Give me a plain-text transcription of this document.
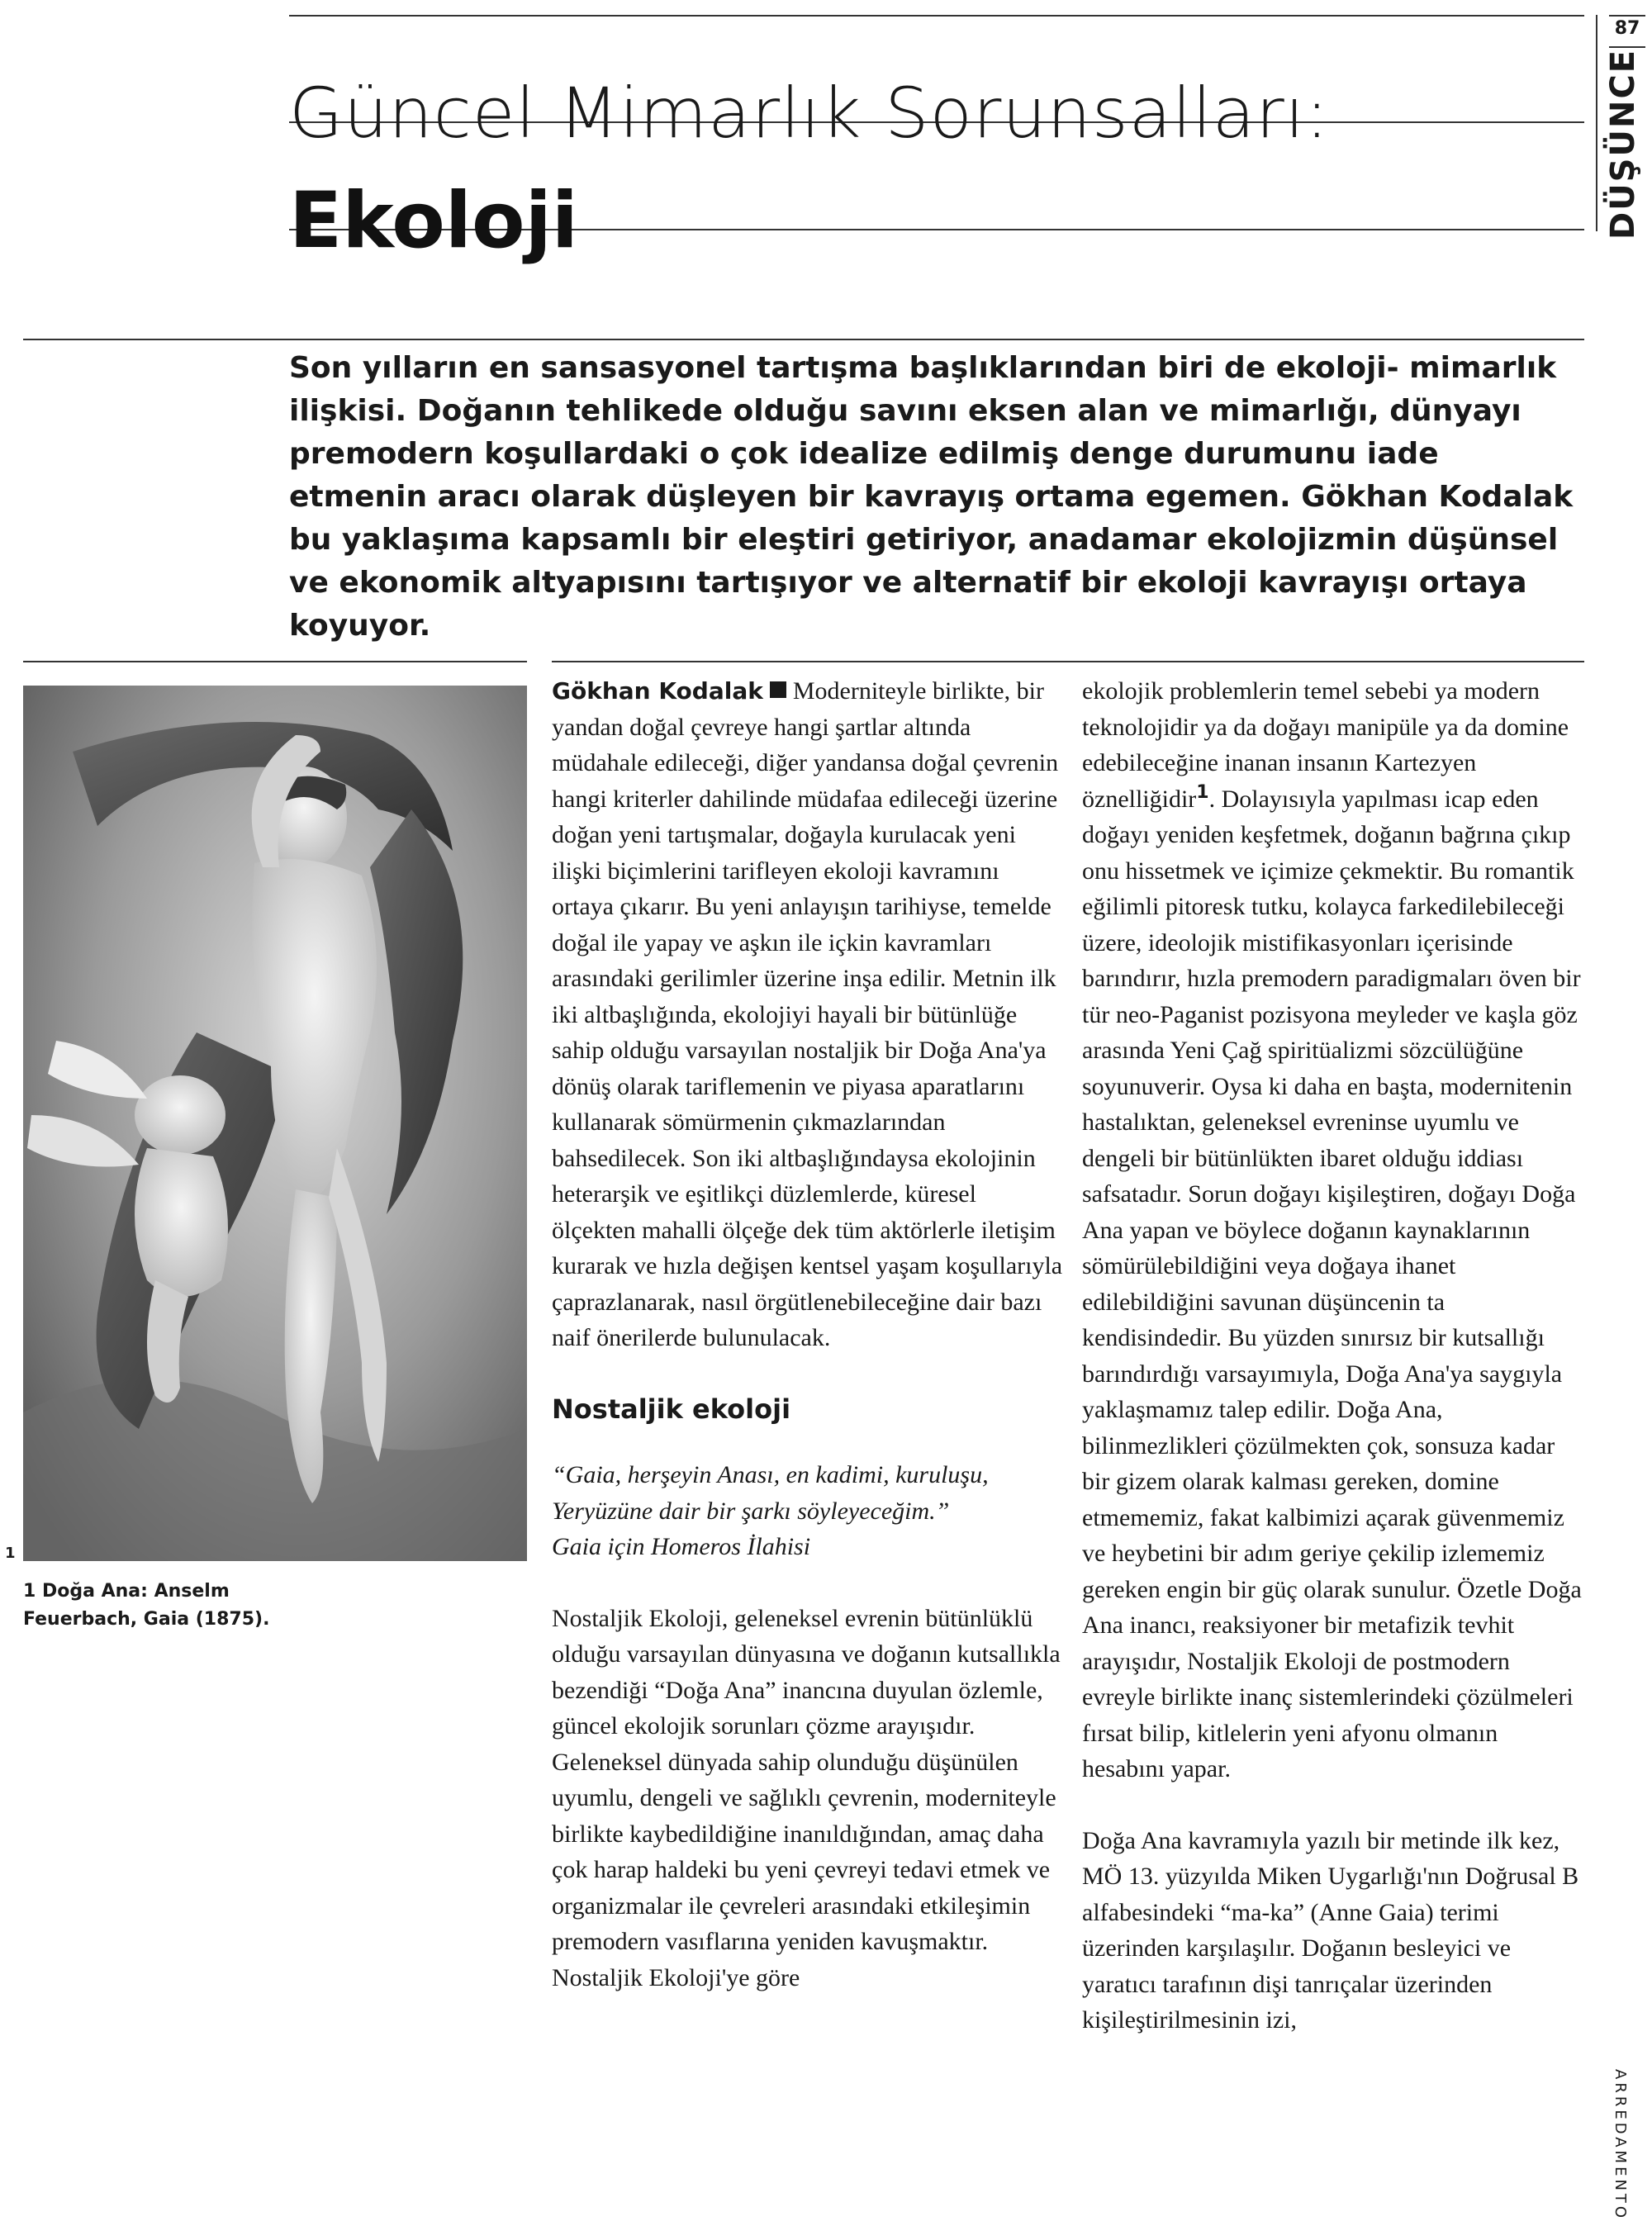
Güncel Mimarlık Sorunsalları:
Ekoloji
87
DÜŞÜNCE

Son yılların en sansasyonel tartışma başlıklarından biri de ekoloji- mimarlık ilişkisi. Doğanın tehlikede olduğu savını eksen alan ve mimarlığı, dünyayı premodern koşullardaki o çok idealize edilmiş denge durumunu iade etmenin aracı olarak düşleyen bir kavrayış ortama egemen. Gökhan Kodalak bu yaklaşıma kapsamlı bir eleştiri getiriyor, anadamar ekolojizmin düşünsel ve ekonomik altyapısını tartışıyor ve alternatif bir ekoloji kavrayışı ortaya koyuyor.

1

1 Doğa Ana: Anselm Feuerbach, Gaia (1875).

Gökhan Kodalak Moderniteyle birlikte, bir yandan doğal çevreye hangi şartlar altında müdahale edileceği, diğer yandansa doğal çevrenin hangi kriterler dahilinde müdafaa edileceği üzerine doğan yeni tartışmalar, doğayla kurulacak yeni ilişki biçimlerini tarifleyen ekoloji kavramını ortaya çıkarır. Bu yeni anlayışın tarihiyse, temelde doğal ile yapay ve aşkın ile içkin kavramları arasındaki gerilimler üzerine inşa edilir. Metnin ilk iki altbaşlığında, ekolojiyi hayali bir bütünlüğe sahip olduğu varsayılan nostaljik bir Doğa Ana'ya dönüş olarak tariflemenin ve piyasa aparatlarını kullanarak sömürmenin çıkmazlarından bahsedilecek. Son iki altbaşlığındaysa ekolojinin heterarşik ve eşitlikçi düzlemlerde, küresel ölçekten mahalli ölçeğe dek tüm aktörlerle iletişim kurarak ve hızla değişen kentsel yaşam koşullarıyla çaprazlanarak, nasıl örgütlenebileceğine dair bazı naif önerilerde bulunulacak.

Nostaljik ekoloji

“Gaia, herşeyin Anası, en kadimi, kuruluşu, Yeryüzüne dair bir şarkı söyleyeceğim.”

Gaia için Homeros İlahisi

Nostaljik Ekoloji, geleneksel evrenin bütünlüklü olduğu varsayılan dünyasına ve doğanın kutsallıkla bezendiği “Doğa Ana” inancına duyulan özlemle, güncel ekolojik sorunları çözme arayışıdır. Geleneksel dünyada sahip olunduğu düşünülen uyumlu, dengeli ve sağlıklı çevrenin, moderniteyle birlikte kaybedildiğine inanıldığından, amaç daha çok harap haldeki bu yeni çevreyi tedavi etmek ve organizmalar ile çevreleri arasındaki etkileşimin premodern vasıflarına yeniden kavuşmaktır. Nostaljik Ekoloji'ye göre

ekolojik problemlerin temel sebebi ya modern teknolojidir ya da doğayı manipüle ya da domine edebileceğine inanan insanın Kartezyen öznelliğidir$^1$. Dolayısıyla yapılması icap eden doğayı yeniden keşfetmek, doğanın bağrına çıkıp onu hissetmek ve içimize çekmektir. Bu romantik eğilimli pitoresk tutku, kolayca farkedilebileceği üzere, ideolojik mistifikasyonları içerisinde barındırır, hızla premodern paradigmaları öven bir tür neo-Paganist pozisyona meyleder ve kaşla göz arasında Yeni Çağ spiritüalizmi sözcülüğüne soyunuverir. Oysa ki daha en başta, modernitenin hastalıktan, geleneksel evreninse uyumlu ve dengeli bir bütünlükten ibaret olduğu iddiası safsatadır. Sorun doğayı kişileştiren, doğayı Doğa Ana yapan ve böylece doğanın kaynaklarının sömürülebildiğini veya doğaya ihanet edilebildiğini savunan düşüncenin ta kendisindedir. Bu yüzden sınırsız bir kutsallığı barındırdığı varsayımıyla, Doğa Ana'ya saygıyla yaklaşmamız talep edilir. Doğa Ana, bilinmezlikleri çözülmekten çok, sonsuza kadar bir gizem olarak kalması gereken, domine etmememiz, fakat kalbimizi açarak güvenmemiz ve heybetini bir adım geriye çekilip izlememiz gereken engin bir güç olarak sunulur. Özetle Doğa Ana inancı, reaksiyoner bir metafizik tevhit arayışıdır, Nostaljik Ekoloji de postmodern evreyle birlikte inanç sistemlerindeki çözülmeleri fırsat bilip, kitlelerin yeni afyonu olmanın hesabını yapar.

Doğa Ana kavramıyla yazılı bir metinde ilk kez, MÖ 13. yüzyılda Miken Uygarlığı'nın Doğrusal B alfabesindeki “ma-ka” (Anne Gaia) terimi üzerinden karşılaşılır. Doğanın besleyici ve yaratıcı tarafının dişi tanrıçalar üzerinden kişileştirilmesinin izi,

ARREDAMENTO
